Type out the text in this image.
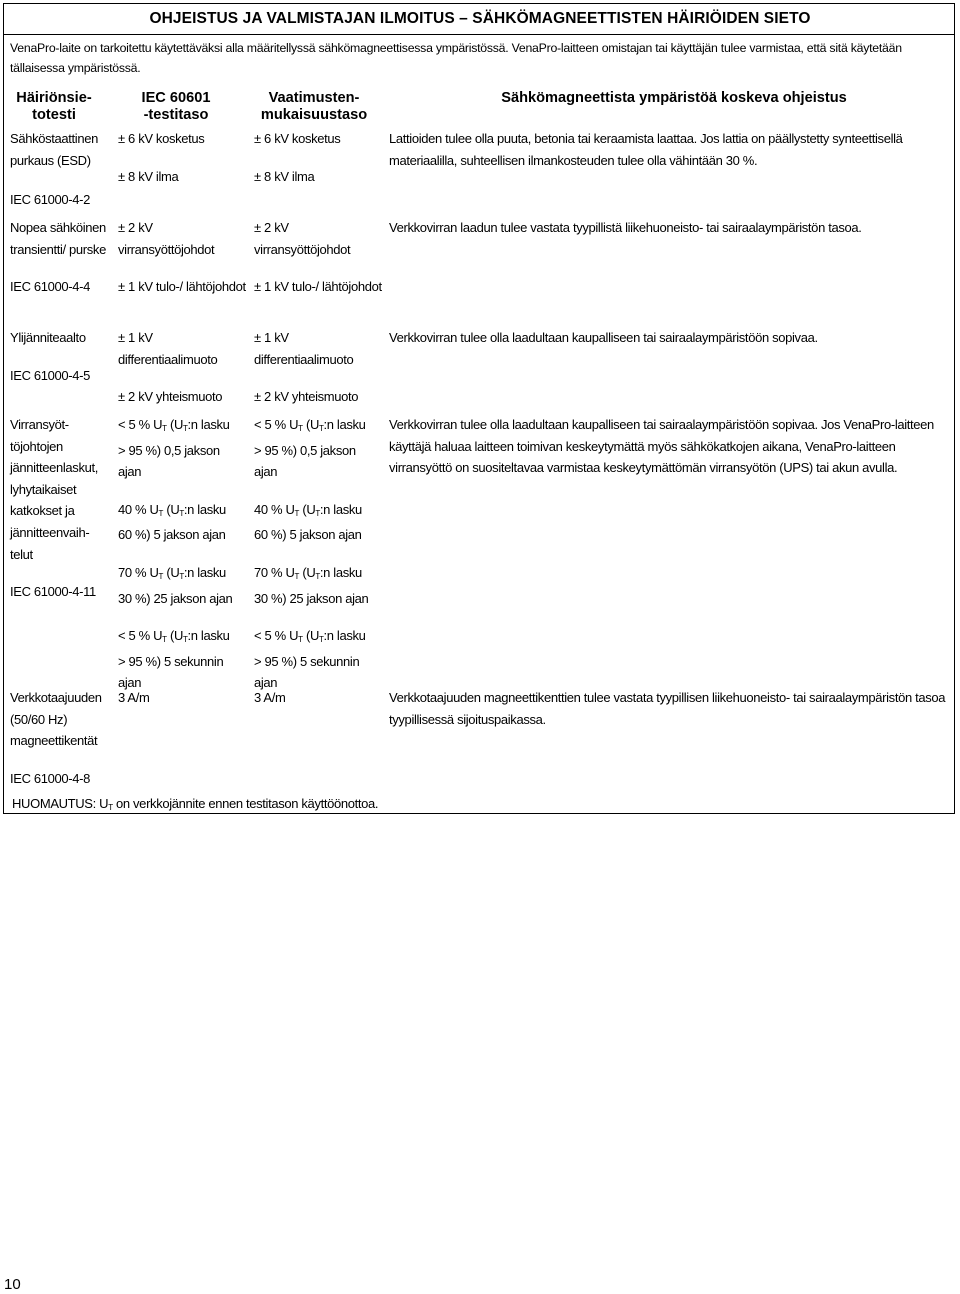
OHJEISTUS JA VALMISTAJAN ILMOITUS – SÄHKÖMAGNEETTISTEN HÄIRIÖIDEN SIETO
VenaPro-laite on tarkoitettu käytettäväksi alla määritellyssä sähkömagneettisessa ympäristössä. VenaPro-laitteen omistajan tai käyttäjän tulee varmistaa, että sitä käytetään tällaisessa ympäristössä.
Häiriönsie-
totesti
IEC 60601
-testitaso
Vaatimusten-
mukaisuustaso
Sähkömagneettista ympäristöä koskeva ohjeistus

Sähköstaattinen purkaus (ESD)

IEC 61000-4-2

± 6 kV kosketus

± 8 kV ilma

± 6 kV kosketus

± 8 kV ilma

Lattioiden tulee olla puuta, betonia tai keraamista laattaa. Jos lattia on päällystetty synteettisellä materiaalilla, suhteellisen ilmankosteuden tulee olla vähintään 30 %.

Nopea sähköinen transientti/ purske

IEC 61000-4-4

± 2 kV virransyöttöjohdot

± 1 kV tulo-/ lähtöjohdot

± 2 kV virransyöttöjohdot

± 1 kV tulo-/ lähtöjohdot

Verkkovirran laadun tulee vastata tyypillistä liikehuoneisto- tai sairaalaympäristön tasoa.

Ylijänniteaalto

IEC 61000-4-5

± 1 kV differentiaalimuoto

± 2 kV yhteismuoto

± 1 kV differentiaalimuoto

± 2 kV yhteismuoto

Verkkovirran tulee olla laadultaan kaupalliseen tai sairaalaympäristöön sopivaa.

Virransyöt-töjohtojen jännitteenlaskut, lyhytaikaiset katkokset ja jännitteenvaih-telut

IEC 61000-4-11

< 5 % $U_T$ ($U_T:n$ lasku

> 95 %) 0,5 jakson

ajan

40 % $U_T$ ($U_T:n$ lasku

60 %) 5 jakson ajan

70 % $U_T$ ($U_T:n$ lasku

30 %) 25 jakson ajan

< 5 % $U_T$ ($U_T:n$ lasku

> 95 %) 5 sekunnin

ajan

< 5 % $U_T$ ($U_T:n$ lasku

> 95 %) 0,5 jakson

ajan

40 % $U_T$ ($U_T:n$ lasku

60 %) 5 jakson ajan

70 % $U_T$ ($U_T:n$ lasku

30 %) 25 jakson ajan

< 5 % $U_T$ ($U_T:n$ lasku

> 95 %) 5 sekunnin

ajan

Verkkovirran tulee olla laadultaan kaupalliseen tai sairaalaympäristöön sopivaa. Jos VenaPro-laitteen käyttäjä haluaa laitteen toimivan keskeytymättä myös sähkökatkojen aikana, VenaPro-laitteen virransyöttö on suositeltavaa varmistaa keskeytymättömän virransyötön (UPS) tai akun avulla.

Verkkotaajuuden (50/60 Hz) magneettikentät

IEC 61000-4-8

3 A/m	3 A/m	Verkkotaajuuden magneettikenttien tulee vastata tyypillisen liikehuoneisto- tai sairaalaympäristön tasoa tyypillisessä sijoituspaikassa.
HUOMAUTUS: $U_T$ on verkkojännite ennen testitason käyttöönottoa.
10
